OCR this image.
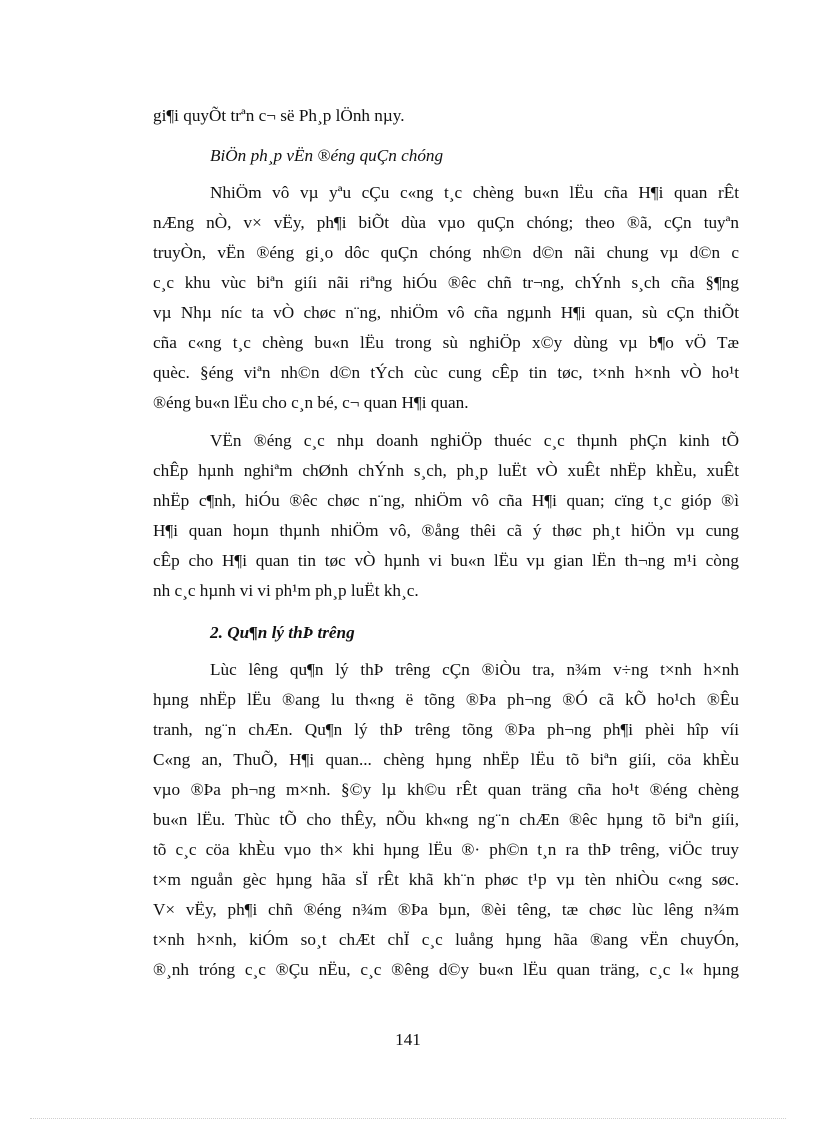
gi¶i quyÕt trªn c¬ së Ph¸p lÖnh nµy.
BiÖn ph¸p vËn ®éng quÇn chóng
NhiÖm vô vµ yªu cÇu c«ng t¸c chèng bu«n lËu cña H¶i quan rÊt
nÆng nÒ, v× vËy, ph¶i biÕt dùa vµo quÇn chóng; theo ®ã, cÇn tuyªn
truyÒn, vËn ®éng gi¸o dôc quÇn chóng nh©n d©n nãi chung vµ d©n c
c¸c khu vùc biªn giíi nãi riªng hiÓu ®êc chñ tr¬ng, chÝnh s¸ch cña §¶ng
vµ Nhµ níc ta vÒ chøc n¨ng, nhiÖm vô cña ngµnh H¶i quan, sù cÇn thiÕt
cña c«ng t¸c chèng bu«n lËu trong sù nghiÖp x©y dùng vµ b¶o vÖ Tæ
quèc. §éng viªn nh©n d©n tÝch cùc cung cÊp tin tøc, t×nh h×nh vÒ ho¹t
®éng bu«n lËu cho c¸n bé, c¬ quan H¶i quan.
VËn ®éng c¸c nhµ doanh nghiÖp thuéc c¸c thµnh phÇn kinh tÕ
chÊp hµnh nghiªm chØnh chÝnh s¸ch, ph¸p luËt vÒ xuÊt nhËp khÈu, xuÊt
nhËp c¶nh, hiÓu ®êc chøc n¨ng, nhiÖm vô cña H¶i quan; cïng t¸c gióp ®ì
H¶i quan hoµn thµnh nhiÖm vô, ®ång thêi cã ý thøc ph¸t hiÖn vµ cung
cÊp cho H¶i quan tin tøc vÒ hµnh vi bu«n lËu vµ gian lËn th¬ng m¹i còng
nh c¸c hµnh vi vi ph¹m ph¸p luËt kh¸c.
2. Qu¶n lý thÞ trêng
Lùc lêng qu¶n lý thÞ trêng cÇn ®iÒu tra, n¾m v÷ng t×nh h×nh
hµng nhËp lËu ®ang lu th«ng ë tõng ®Þa ph¬ng ®Ó cã kÕ ho¹ch ®Êu
tranh, ng¨n chÆn. Qu¶n lý thÞ trêng tõng ®Þa ph¬ng ph¶i phèi hîp víi
C«ng an, ThuÕ, H¶i quan... chèng hµng nhËp lËu tõ biªn giíi, cöa khÈu
vµo ®Þa ph¬ng m×nh. §©y lµ kh©u rÊt quan träng cña ho¹t ®éng chèng
bu«n lËu. Thùc tÕ cho thÊy, nÕu kh«ng ng¨n chÆn ®êc hµng tõ biªn giíi,
tõ c¸c cöa khÈu vµo th× khi hµng lËu ®· ph©n t¸n ra thÞ trêng, viÖc truy
t×m nguån gèc hµng hãa sÏ rÊt khã kh¨n phøc t¹p vµ tèn nhiÒu c«ng søc.
V× vËy, ph¶i chñ ®éng n¾m ®Þa bµn, ®èi têng, tæ chøc lùc lêng n¾m
t×nh h×nh, kiÓm so¸t chÆt chÏ c¸c luång hµng hãa ®ang vËn chuyÓn,
®¸nh tróng c¸c ®Çu nËu, c¸c ®êng d©y bu«n lËu quan träng, c¸c l« hµng
141
